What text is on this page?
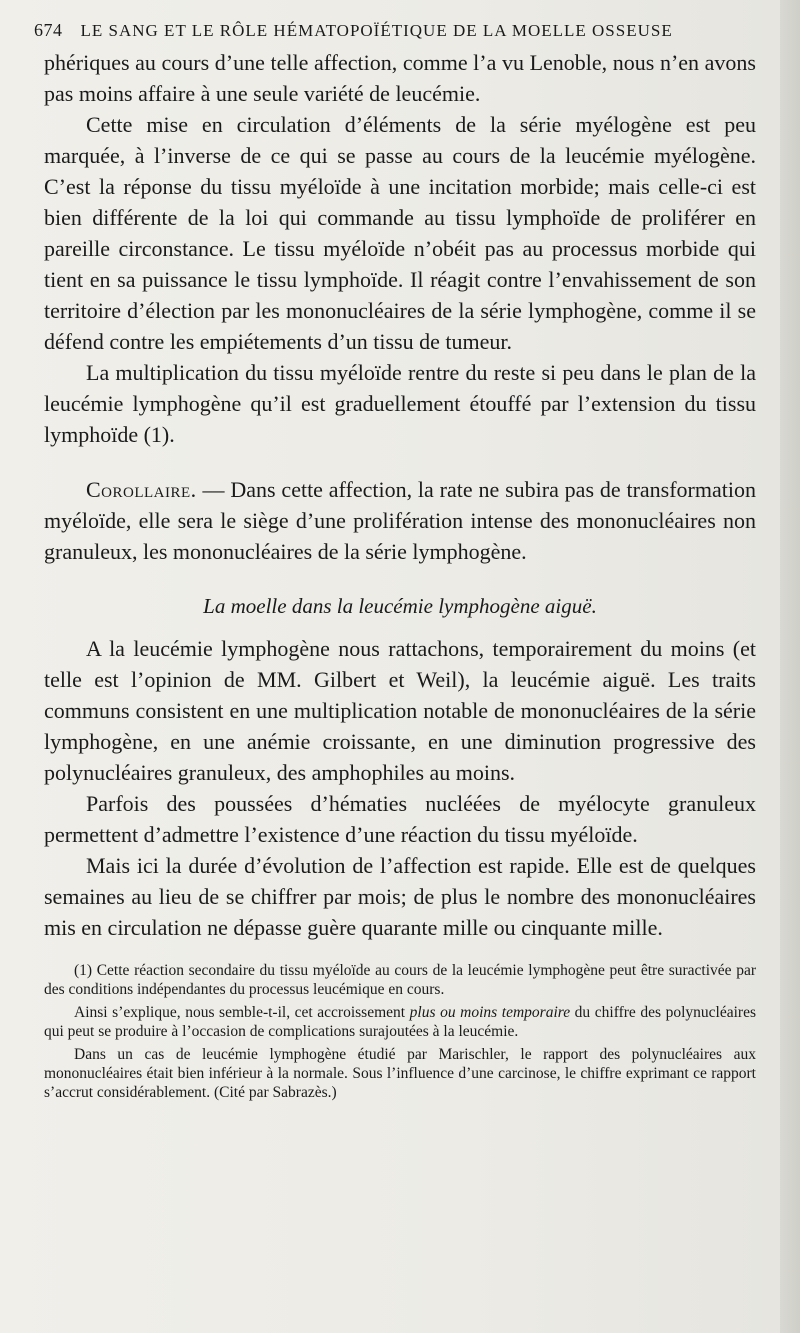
674 LE SANG ET LE RÔLE HÉMATOPOÏÉTIQUE DE LA MOELLE OSSEUSE

phériques au cours d’une telle affection, comme l’a vu Lenoble, nous n’en avons pas moins affaire à une seule variété de leucémie.

Cette mise en circulation d’éléments de la série myélogène est peu marquée, à l’inverse de ce qui se passe au cours de la leucémie myélogène. C’est la réponse du tissu myéloïde à une incitation morbide; mais celle-ci est bien différente de la loi qui commande au tissu lymphoïde de proliférer en pareille circonstance. Le tissu myéloïde n’obéit pas au processus morbide qui tient en sa puissance le tissu lymphoïde. Il réagit contre l’envahissement de son territoire d’élection par les mononucléaires de la série lymphogène, comme il se défend contre les empiétements d’un tissu de tumeur.

La multiplication du tissu myéloïde rentre du reste si peu dans le plan de la leucémie lymphogène qu’il est graduellement étouffé par l’extension du tissu lymphoïde (1).

Corollaire. — Dans cette affection, la rate ne subira pas de transformation myéloïde, elle sera le siège d’une prolifération intense des mononucléaires non granuleux, les mononucléaires de la série lymphogène.

La moelle dans la leucémie lymphogène aiguë.

A la leucémie lymphogène nous rattachons, temporairement du moins (et telle est l’opinion de MM. Gilbert et Weil), la leucémie aiguë. Les traits communs consistent en une multiplication notable de mononucléaires de la série lymphogène, en une anémie croissante, en une diminution progressive des polynucléaires granuleux, des amphophiles au moins.

Parfois des poussées d’hématies nucléées de myélocyte granuleux permettent d’admettre l’existence d’une réaction du tissu myéloïde.

Mais ici la durée d’évolution de l’affection est rapide. Elle est de quelques semaines au lieu de se chiffrer par mois; de plus le nombre des mononucléaires mis en circulation ne dépasse guère quarante mille ou cinquante mille.

(1) Cette réaction secondaire du tissu myéloïde au cours de la leucémie lymphogène peut être suractivée par des conditions indépendantes du processus leucémique en cours.

Ainsi s’explique, nous semble-t-il, cet accroissement plus ou moins temporaire du chiffre des polynucléaires qui peut se produire à l’occasion de complications surajoutées à la leucémie.

Dans un cas de leucémie lymphogène étudié par Marischler, le rapport des polynucléaires aux mononucléaires était bien inférieur à la normale. Sous l’influence d’une carcinose, le chiffre exprimant ce rapport s’accrut considérablement. (Cité par Sabrazès.)
